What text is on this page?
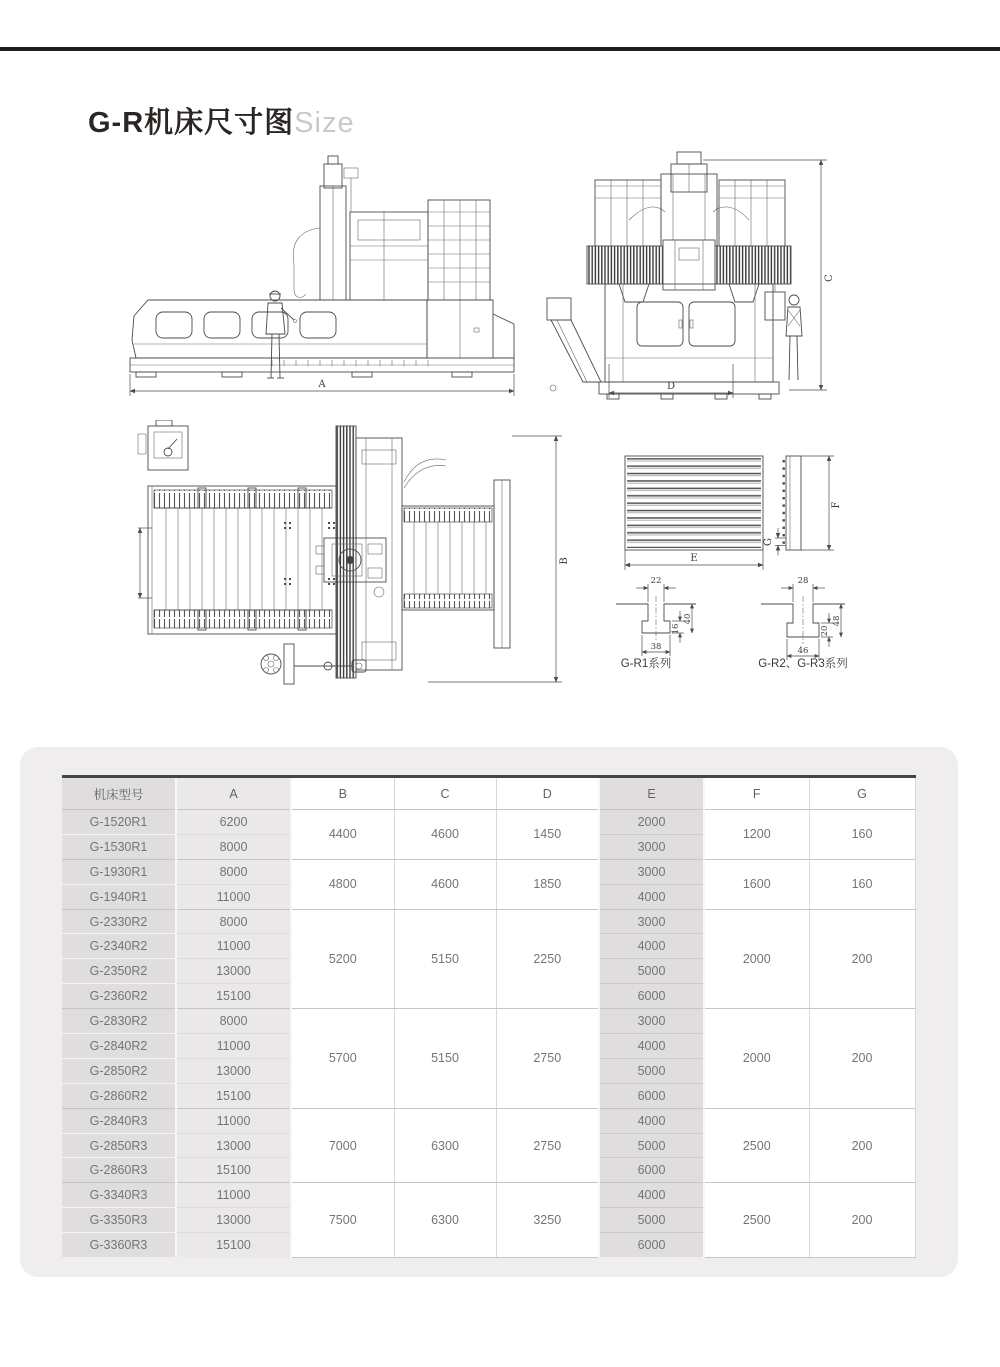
G-R机床尺寸图Size
A
C
D
B	E
F
G
22
38
16
40
G-R1系列
28
46
20
48
G-R2、G-R3系列
机床型号	A	B	C	D	E	F	G
G-1520R1	6200	4400	4600	1450	2000	1200	160
G-1530R1	8000				3000		
G-1930R1	8000	4800	4600	1850	3000	1600	160
G-1940R1	11000				4000		
G-2330R2	8000	5200	5150	2250	3000	2000	200
G-2340R2	11000				4000		
G-2350R2	13000				5000		
G-2360R2	15100				6000		
G-2830R2	8000	5700	5150	2750	3000	2000	200
G-2840R2	11000				4000		
G-2850R2	13000				5000		
G-2860R2	15100				6000		
G-2840R3	11000	7000	6300	2750	4000	2500	200
G-2850R3	13000				5000		
G-2860R3	15100				6000		
G-3340R3	11000	7500	6300	3250	4000	2500	200
G-3350R3	13000				5000		
G-3360R3	15100				6000		
